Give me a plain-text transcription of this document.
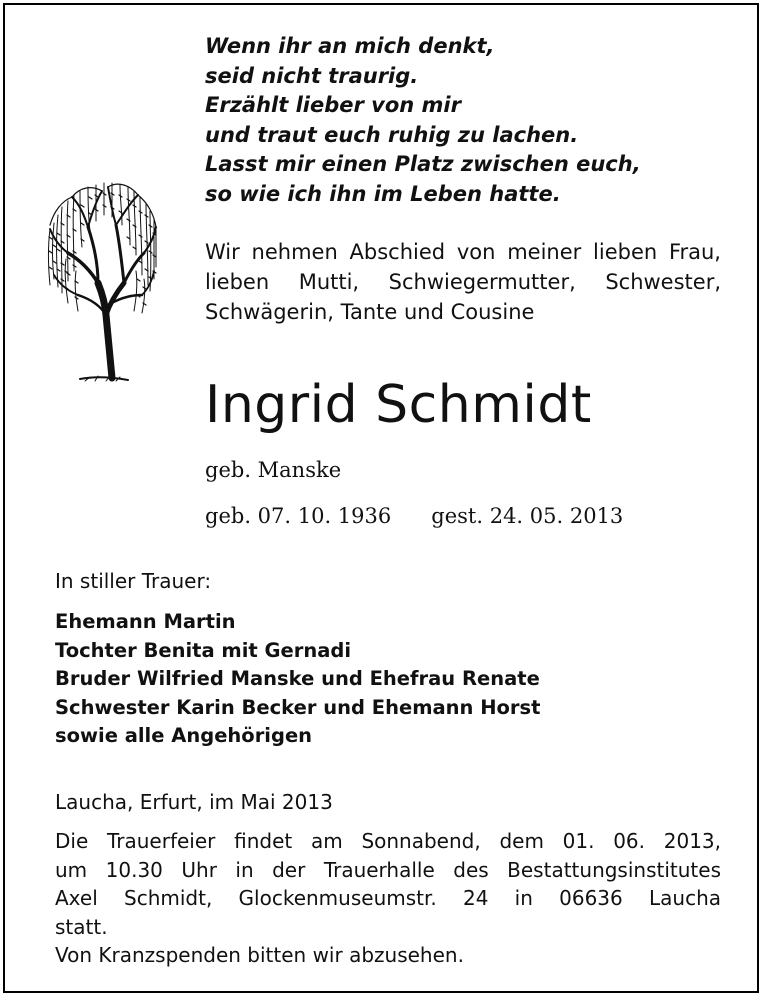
Wenn ihr an mich denkt,
seid nicht traurig.
Erzählt lieber von mir
und traut euch ruhig zu lachen.
Lasst mir einen Platz zwischen euch,
so wie ich ihn im Leben hatte.
Wir nehmen Abschied von meiner lieben Frau, lieben Mutti, Schwiegermutter, Schwester, Schwägerin, Tante und Cousine
Ingrid Schmidt
geb. Manske
geb. 07. 10. 1936 gest. 24. 05. 2013
In stiller Trauer:
Ehemann Martin
Tochter Benita mit Gernadi
Bruder Wilfried Manske und Ehefrau Renate
Schwester Karin Becker und Ehemann Horst
sowie alle Angehörigen
Laucha, Erfurt, im Mai 2013
Die Trauerfeier findet am Sonnabend, dem 01. 06. 2013,
um 10.30 Uhr in der Trauerhalle des Bestattungsinstitutes
Axel Schmidt, Glockenmuseumstr. 24 in 06636 Laucha
statt.
Von Kranzspenden bitten wir abzusehen.
